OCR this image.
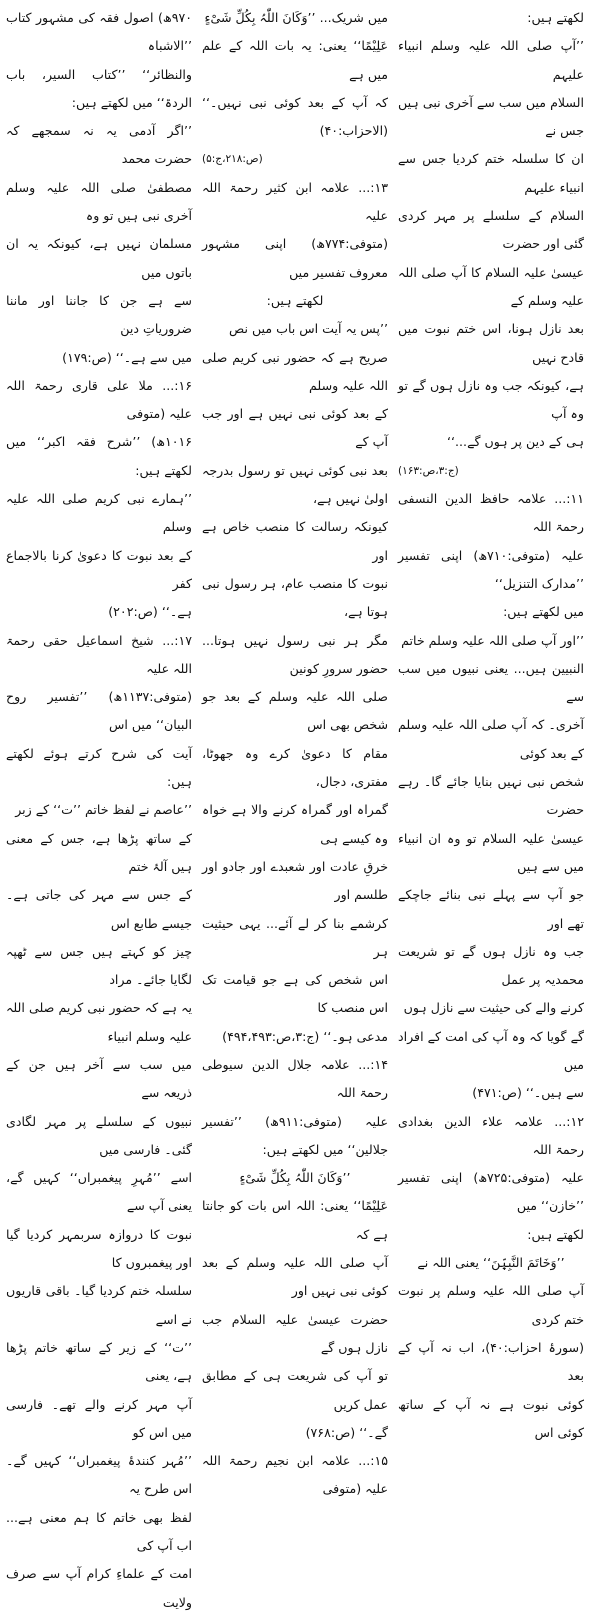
لکھتے ہیں:

’’آپ صلی اللہ علیہ وسلم انبیاء علیہم

السلام میں سب سے آخری نبی ہیں جس نے

ان کا سلسلہ ختم کردیا جس سے انبیاء علیہم

السلام کے سلسلے پر مہر کردی گئی اور حضرت

عیسیٰ علیہ السلام کا آپ صلی اللہ علیہ وسلم کے

بعد نازل ہونا، اس ختم نبوت میں قادح نہیں

ہے، کیونکہ جب وہ نازل ہوں گے تو وہ آپ

ہی کے دین پر ہوں گے...‘‘

(ج:۳،ص:۱۶۳)

۱۱:... علامہ حافظ الدین النسفی رحمۃ اللہ

علیہ (متوفی:۷۱۰ھ) اپنی تفسیر ’’مدارک التنزیل‘‘

میں لکھتے ہیں:

’’اور آپ صلی اللہ علیہ وسلم خاتم

النبیین ہیں... یعنی نبیوں میں سب سے

آخری۔ کہ آپ صلی اللہ علیہ وسلم کے بعد کوئی

شخص نبی نہیں بنایا جائے گا۔ رہے حضرت

عیسیٰ علیہ السلام تو وہ ان انبیاء میں سے ہیں

جو آپ سے پہلے نبی بنائے جاچکے تھے اور

جب وہ نازل ہوں گے تو شریعت محمدیہ پر عمل

کرنے والے کی حیثیت سے نازل ہوں

گے گویا کہ وہ آپ کی امت کے افراد میں

سے ہیں۔‘‘ (ص:۴۷۱)

۱۲:... علامہ علاء الدین بغدادی رحمۃ اللہ

علیہ (متوفی:۷۲۵ھ) اپنی تفسیر ’’خازن‘‘ میں

لکھتے ہیں:

’’وَخَاتَمَ النَّبِیّٖنَ‘‘ یعنی اللہ نے

آپ صلی اللہ علیہ وسلم پر نبوت ختم کردی

(سورۂ احزاب:۴۰)، اب نہ آپ کے بعد

کوئی نبوت ہے نہ آپ کے ساتھ کوئی اس

میں شریک... ’’وَکَانَ اللّٰہُ بِکُلِّ شَیْءٍ

عَلِیْمًا‘‘ یعنی: یہ بات اللہ کے علم میں ہے

کہ آپ کے بعد کوئی نبی نہیں۔‘‘ (الاحزاب:۴۰)

(ص:۲۱۸،ج:۵)

۱۳:... علامہ ابن کثیر رحمۃ اللہ علیہ

(متوفی:۷۷۴ھ) اپنی مشہور معروف تفسیر میں

لکھتے ہیں:

’’پس یہ آیت اس باب میں نص

صریح ہے کہ حضور نبی کریم صلی اللہ علیہ وسلم

کے بعد کوئی نبی نہیں ہے اور جب آپ کے

بعد نبی کوئی نہیں تو رسول بدرجہ اولیٰ نہیں ہے،

کیونکہ رسالت کا منصب خاص ہے اور

نبوت کا منصب عام، ہر رسول نبی ہوتا ہے،

مگر ہر نبی رسول نہیں ہوتا... حضور سرورِ کونین

صلی اللہ علیہ وسلم کے بعد جو شخص بھی اس

مقام کا دعویٰ کرے وہ جھوٹا، مفتری، دجال،

گمراہ اور گمراہ کرنے والا ہے خواہ وہ کیسے ہی

خرقِ عادت اور شعبدے اور جادو اور طلسم اور

کرشمے بنا کر لے آئے... یہی حیثیت ہر

اس شخص کی ہے جو قیامت تک اس منصب کا

مدعی ہو۔‘‘ (ج:۳،ص:۴۹۴،۴۹۳)

۱۴:... علامہ جلال الدین سیوطی رحمۃ اللہ

علیہ (متوفی:۹۱۱ھ) ’’تفسیر جلالین‘‘ میں لکھتے ہیں:

’’وَکَانَ اللّٰہُ بِکُلِّ شَیْءٍ

عَلِیْمًا‘‘ یعنی: اللہ اس بات کو جانتا ہے کہ

آپ صلی اللہ علیہ وسلم کے بعد کوئی نبی نہیں اور

حضرت عیسیٰ علیہ السلام جب نازل ہوں گے

تو آپ کی شریعت ہی کے مطابق عمل کریں

گے۔‘‘ (ص:۷۶۸)

۱۵:... علامہ ابن نجیم رحمۃ اللہ علیہ (متوفی

۹۷۰ھ) اصول فقہ کی مشہور کتاب ’’الاشباہ

والنظائر‘‘ ’’کتاب السیر، باب الردۃ‘‘ میں لکھتے ہیں:

’’اگر آدمی یہ نہ سمجھے کہ حضرت محمد

مصطفیٰ صلی اللہ علیہ وسلم آخری نبی ہیں تو وہ

مسلمان نہیں ہے، کیونکہ یہ ان باتوں میں

سے ہے جن کا جاننا اور ماننا ضروریاتِ دین

میں سے ہے۔‘‘ (ص:۱۷۹)

۱۶:... ملا علی قاری رحمۃ اللہ علیہ (متوفی

۱۰۱۶ھ) ’’شرح فقہ اکبر‘‘ میں لکھتے ہیں:

’’ہمارے نبی کریم صلی اللہ علیہ وسلم

کے بعد نبوت کا دعویٰ کرنا بالاجماع کفر

ہے۔‘‘ (ص:۲۰۲)

۱۷:... شیخ اسماعیل حقی رحمۃ اللہ علیہ

(متوفی:۱۱۳۷ھ) ’’تفسیر روح البیان‘‘ میں اس

آیت کی شرح کرتے ہوئے لکھتے ہیں:

’’عاصم نے لفظ خاتم ’’ت‘‘ کے زبر

کے ساتھ پڑھا ہے، جس کے معنی ہیں آلۂ ختم

کے جس سے مہر کی جاتی ہے۔ جیسے طابع اس

چیز کو کہتے ہیں جس سے ٹھپہ لگایا جائے۔ مراد

یہ ہے کہ حضور نبی کریم صلی اللہ علیہ وسلم انبیاء

میں سب سے آخر ہیں جن کے ذریعہ سے

نبیوں کے سلسلے پر مہر لگادی گئی۔ فارسی میں

اسے ’’مُہرِ پیغمبراں‘‘ کہیں گے، یعنی آپ سے

نبوت کا دروازہ سربمہر کردیا گیا اور پیغمبروں کا

سلسلہ ختم کردیا گیا۔ باقی قاریوں نے اسے

’’ت‘‘ کے زیر کے ساتھ خاتم پڑھا ہے، یعنی

آپ مہر کرنے والے تھے۔ فارسی میں اس کو

’’مُہر کنندۂ پیغمبراں‘‘ کہیں گے۔ اس طرح یہ

لفظ بھی خاتم کا ہم معنی ہے... اب آپ کی

امت کے علماءِ کرام آپ سے صرف ولایت
